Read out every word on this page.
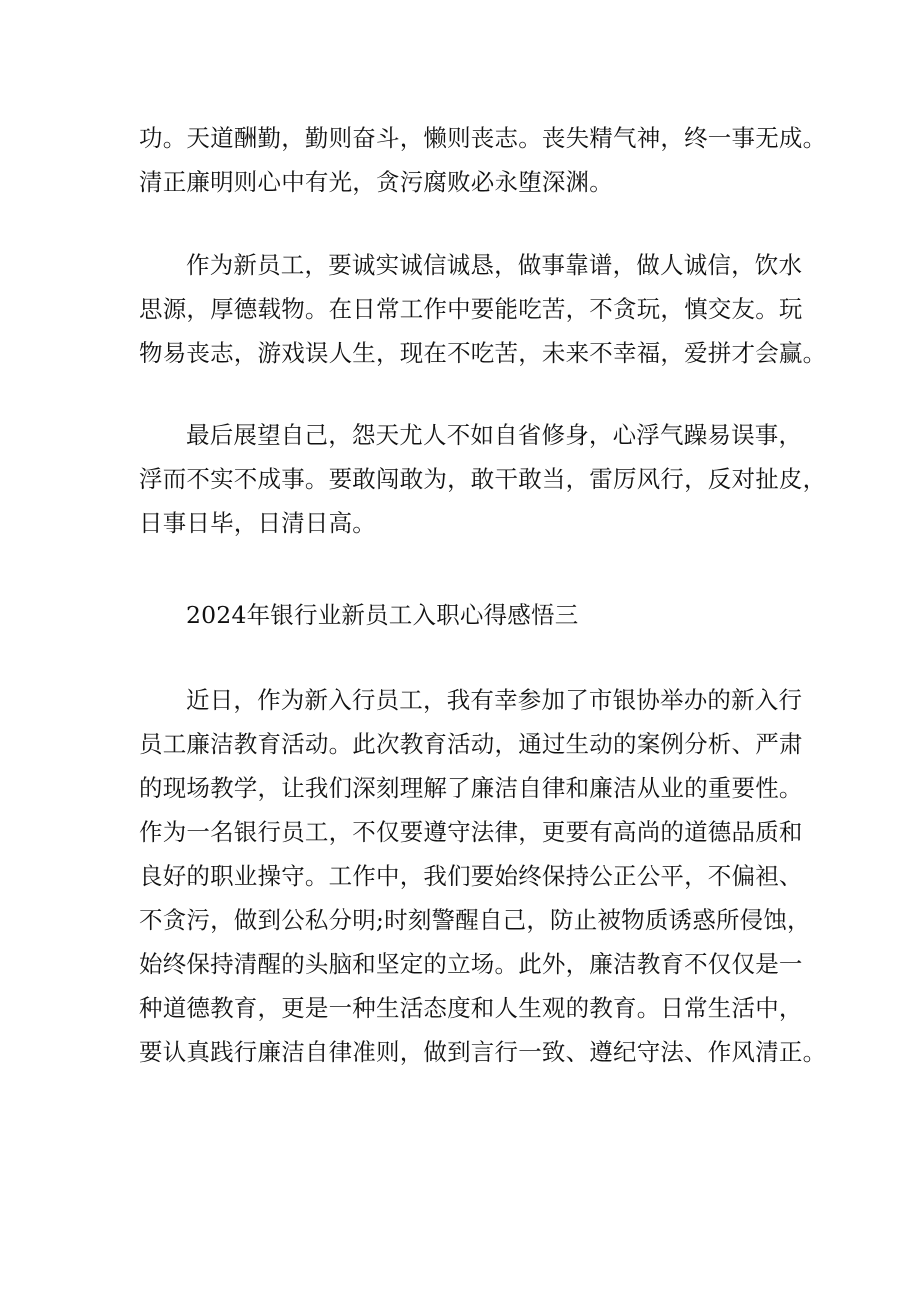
功。天道酬勤，勤则奋斗，懒则丧志。丧失精气神，终一事无成。
清正廉明则心中有光，贪污腐败必永堕深渊。
作为新员工，要诚实诚信诚恳，做事靠谱，做人诚信，饮水
思源，厚德载物。在日常工作中要能吃苦，不贪玩，慎交友。玩
物易丧志，游戏误人生，现在不吃苦，未来不幸福，爱拼才会赢。
最后展望自己，怨天尤人不如自省修身，心浮气躁易误事，
浮而不实不成事。要敢闯敢为，敢干敢当，雷厉风行，反对扯皮，
日事日毕，日清日高。
2024年银行业新员工入职心得感悟三
近日，作为新入行员工，我有幸参加了市银协举办的新入行
员工廉洁教育活动。此次教育活动，通过生动的案例分析、严肃
的现场教学，让我们深刻理解了廉洁自律和廉洁从业的重要性。
作为一名银行员工，不仅要遵守法律，更要有高尚的道德品质和
良好的职业操守。工作中，我们要始终保持公正公平，不偏袒、
不贪污，做到公私分明;时刻警醒自己，防止被物质诱惑所侵蚀，
始终保持清醒的头脑和坚定的立场。此外，廉洁教育不仅仅是一
种道德教育，更是一种生活态度和人生观的教育。日常生活中，
要认真践行廉洁自律准则，做到言行一致、遵纪守法、作风清正。
